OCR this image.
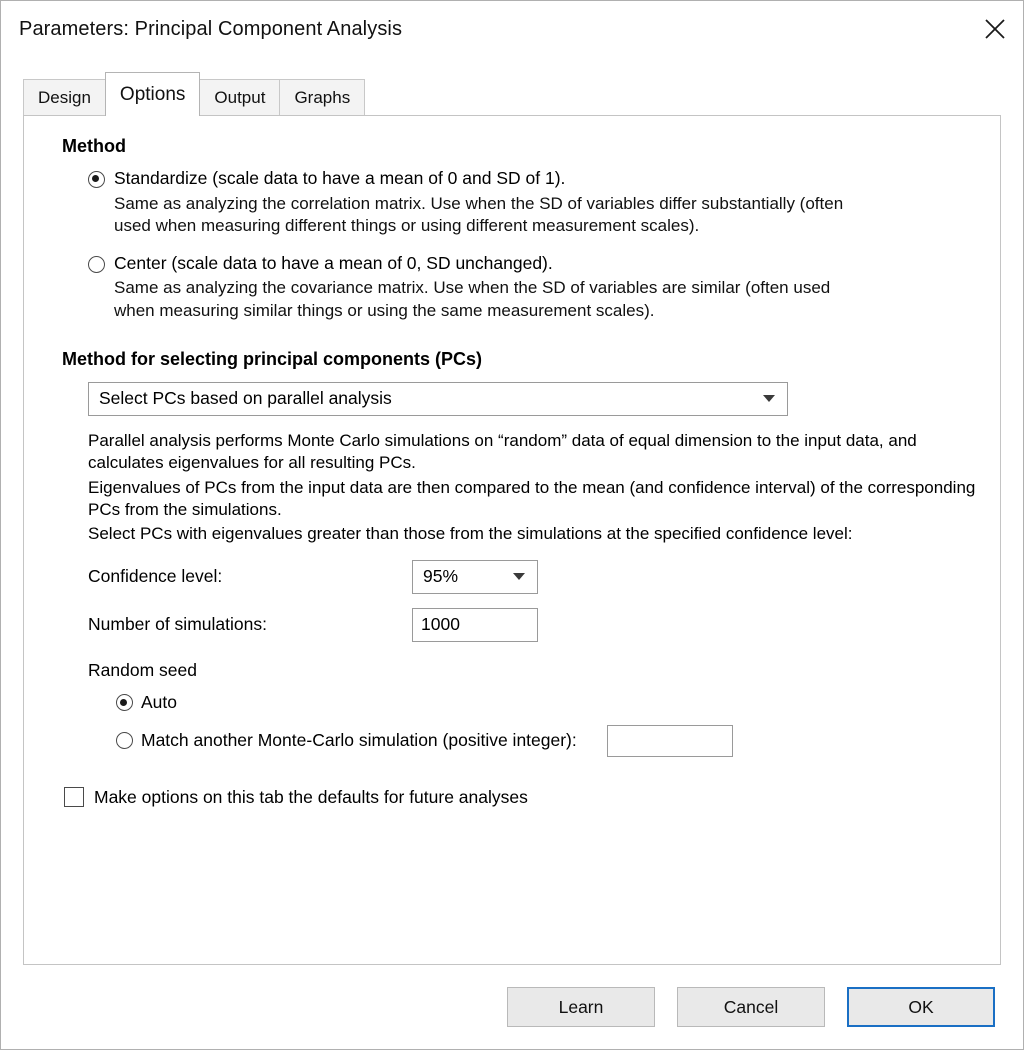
Parameters: Principal Component Analysis
Design	Options	Output	Graphs
Method
Standardize (scale data to have a mean of 0 and SD of 1).
Same as analyzing the correlation matrix. Use when the SD of variables differ substantially (often used when measuring different things or using different measurement scales).
Center (scale data to have a mean of 0, SD unchanged).
Same as analyzing the covariance matrix. Use when the SD of variables are similar (often used when measuring similar things or using the same measurement scales).
Method for selecting principal components (PCs)
Select PCs based on parallel analysis

Parallel analysis performs Monte Carlo simulations on “random” data of equal dimension to the input data, and calculates eigenvalues for all resulting PCs.

Eigenvalues of PCs from the input data are then compared to the mean (and confidence interval) of the corresponding PCs from the simulations.

Select PCs with eigenvalues greater than those from the simulations at the specified confidence level:

Confidence level:	95%
Number of simulations:
1000
Random seed
Auto
Match another Monte-Carlo simulation (positive integer):
Make options on this tab the defaults for future analyses
Learn	Cancel	OK
